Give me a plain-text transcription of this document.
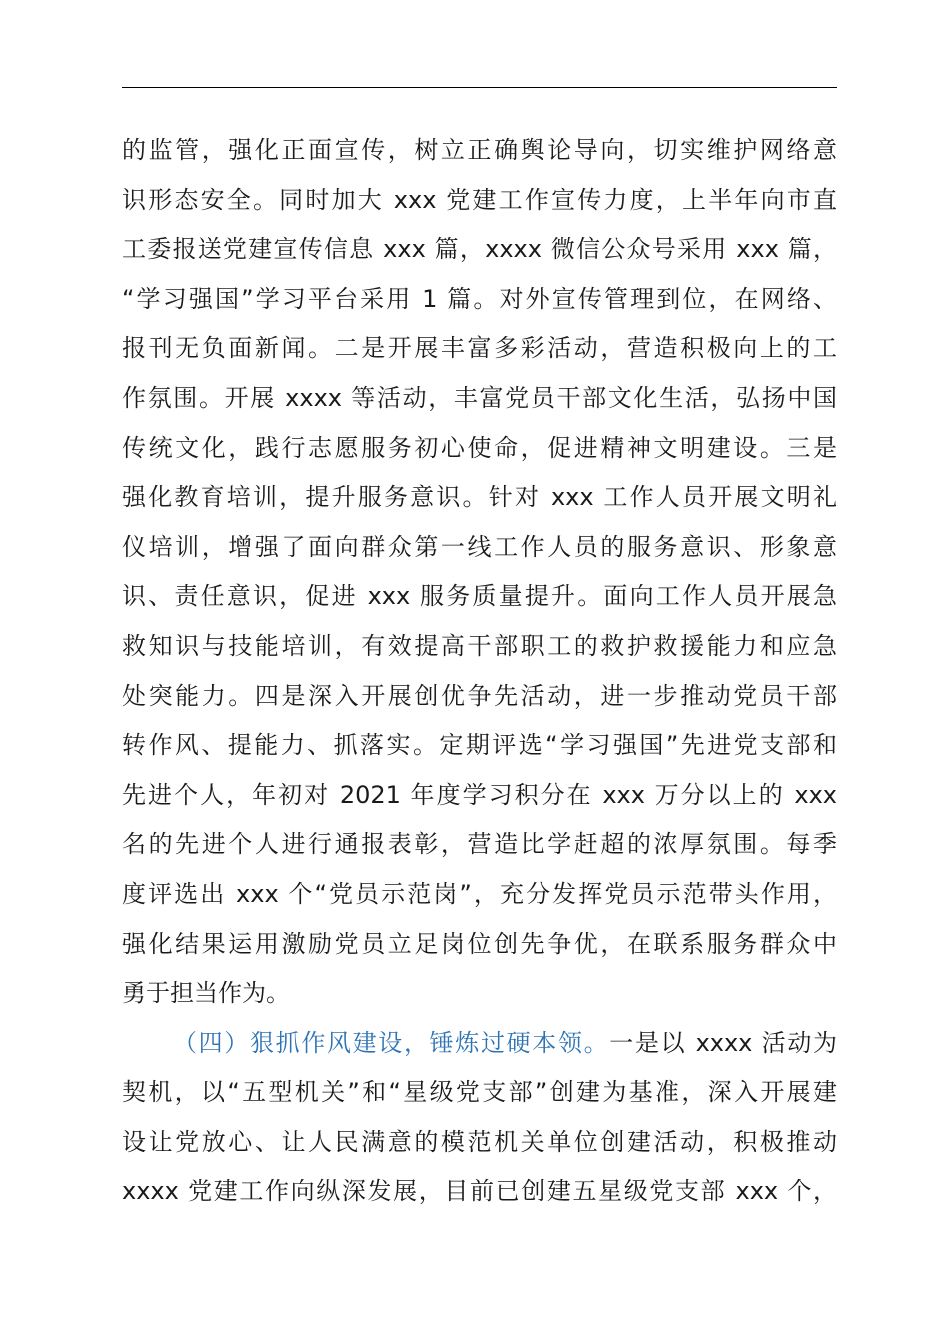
的监管，强化正面宣传，树立正确舆论导向，切实维护网络意
识形态安全。同时加大 xxx 党建工作宣传力度，上半年向市直
工委报送党建宣传信息 xxx 篇，xxxx 微信公众号采用 xxx 篇，
“学习强国”学习平台采用 1 篇。对外宣传管理到位，在网络、
报刊无负面新闻。二是开展丰富多彩活动，营造积极向上的工
作氛围。开展 xxxx 等活动，丰富党员干部文化生活，弘扬中国
传统文化，践行志愿服务初心使命，促进精神文明建设。三是
强化教育培训，提升服务意识。针对 xxx 工作人员开展文明礼
仪培训，增强了面向群众第一线工作人员的服务意识、形象意
识、责任意识，促进 xxx 服务质量提升。面向工作人员开展急
救知识与技能培训，有效提高干部职工的救护救援能力和应急
处突能力。四是深入开展创优争先活动，进一步推动党员干部
转作风、提能力、抓落实。定期评选“学习强国”先进党支部和
先进个人，年初对 2021 年度学习积分在 xxx 万分以上的 xxx
名的先进个人进行通报表彰，营造比学赶超的浓厚氛围。每季
度评选出 xxx 个“党员示范岗”，充分发挥党员示范带头作用，
强化结果运用激励党员立足岗位创先争优，在联系服务群众中
勇于担当作为。
（四）狠抓作风建设，锤炼过硬本领。一是以 xxxx 活动为
契机，以“五型机关”和“星级党支部”创建为基准，深入开展建
设让党放心、让人民满意的模范机关单位创建活动，积极推动
xxxx 党建工作向纵深发展，目前已创建五星级党支部 xxx 个，
